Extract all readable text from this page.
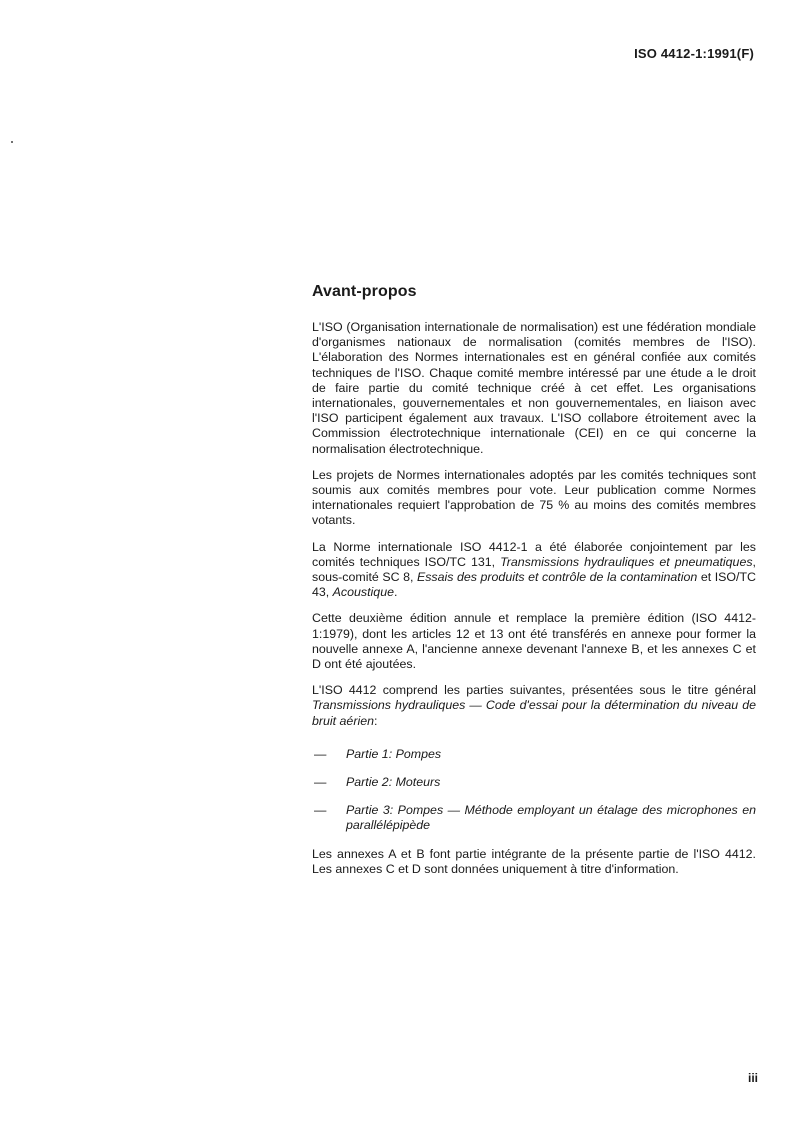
ISO 4412-1:1991(F)
Avant-propos

L'ISO (Organisation internationale de normalisation) est une fédération mondiale d'organismes nationaux de normalisation (comités membres de l'ISO). L'élaboration des Normes internationales est en général confiée aux comités techniques de l'ISO. Chaque comité membre intéressé par une étude a le droit de faire partie du comité technique créé à cet effet. Les organisations internationales, gouvernementales et non gouvernementales, en liaison avec l'ISO participent également aux travaux. L'ISO collabore étroitement avec la Commission électrotechnique internationale (CEI) en ce qui concerne la normalisation électrotechnique.

Les projets de Normes internationales adoptés par les comités techniques sont soumis aux comités membres pour vote. Leur publication comme Normes internationales requiert l'approbation de 75 % au moins des comités membres votants.

La Norme internationale ISO 4412-1 a été élaborée conjointement par les comités techniques ISO/TC 131, Transmissions hydrauliques et pneumatiques, sous-comité SC 8, Essais des produits et contrôle de la contamination et ISO/TC 43, Acoustique.

Cette deuxième édition annule et remplace la première édition (ISO 4412-1:1979), dont les articles 12 et 13 ont été transférés en annexe pour former la nouvelle annexe A, l'ancienne annexe devenant l'annexe B, et les annexes C et D ont été ajoutées.

L'ISO 4412 comprend les parties suivantes, présentées sous le titre général Transmissions hydrauliques — Code d'essai pour la détermination du niveau de bruit aérien:

—	Partie 1: Pompes
—	Partie 2: Moteurs
—	Partie 3: Pompes — Méthode employant un étalage des microphones en parallélépipède

Les annexes A et B font partie intégrante de la présente partie de l'ISO 4412. Les annexes C et D sont données uniquement à titre d'information.

iii
